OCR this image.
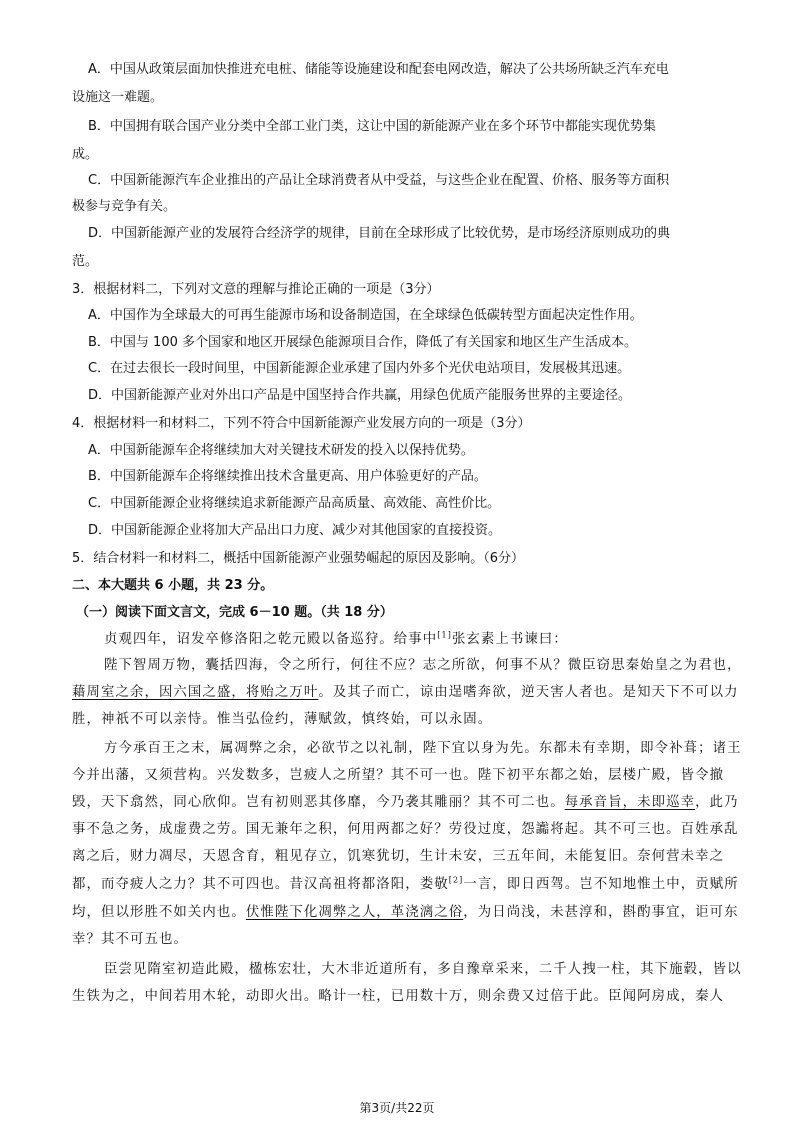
A．中国从政策层面加快推进充电桩、储能等设施建设和配套电网改造，解决了公共场所缺乏汽车充电
设施这一难题。
B．中国拥有联合国产业分类中全部工业门类，这让中国的新能源产业在多个环节中都能实现优势集
成。
C．中国新能源汽车企业推出的产品让全球消费者从中受益，与这些企业在配置、价格、服务等方面积
极参与竞争有关。
D．中国新能源产业的发展符合经济学的规律，目前在全球形成了比较优势，是市场经济原则成功的典
范。
3．根据材料二，下列对文意的理解与推论正确的一项是（3分）
A．中国作为全球最大的可再生能源市场和设备制造国，在全球绿色低碳转型方面起决定性作用。
B．中国与 100 多个国家和地区开展绿色能源项目合作，降低了有关国家和地区生产生活成本。
C．在过去很长一段时间里，中国新能源企业承建了国内外多个光伏电站项目，发展极其迅速。
D．中国新能源产业对外出口产品是中国坚持合作共赢，用绿色优质产能服务世界的主要途径。
4．根据材料一和材料二，下列不符合中国新能源产业发展方向的一项是（3分）
A．中国新能源车企将继续加大对关键技术研发的投入以保持优势。
B．中国新能源车企将继续推出技术含量更高、用户体验更好的产品。
C．中国新能源企业将继续追求新能源产品高质量、高效能、高性价比。
D．中国新能源企业将加大产品出口力度、减少对其他国家的直接投资。
5．结合材料一和材料二，概括中国新能源产业强势崛起的原因及影响。（6分）
二、本大题共 6 小题，共 23 分。
（一）阅读下面文言文，完成 6－10 题。（共 18 分）
贞观四年，诏发卒修洛阳之乾元殿以备巡狩。给事中[1]张玄素上书谏曰：
陛下智周万物，囊括四海，令之所行，何往不应？志之所欲，何事不从？微臣窃思秦始皇之为君也，
藉周室之余，因六国之盛，将贻之万叶。及其子而亡，谅由逞嗜奔欲，逆天害人者也。是知天下不可以力
胜，神祇不可以亲恃。惟当弘俭约，薄赋敛，慎终始，可以永固。
方今承百王之末，属凋弊之余，必欲节之以礼制，陛下宜以身为先。东都未有幸期，即令补葺；诸王
今并出藩，又须营构。兴发数多，岂疲人之所望？其不可一也。陛下初平东都之始，层楼广殿，皆令撤
毁，天下翕然，同心欣仰。岂有初则恶其侈靡，今乃袭其雕丽？其不可二也。每承音旨，未即巡幸，此乃
事不急之务，成虚费之劳。国无兼年之积，何用两都之好？劳役过度，怨讟将起。其不可三也。百姓承乱
离之后，财力凋尽，天恩含育，粗见存立，饥寒犹切，生计未安，三五年间，未能复旧。奈何营未幸之
都，而夺疲人之力？其不可四也。昔汉高祖将都洛阳，娄敬[2]一言，即日西驾。岂不知地惟土中，贡赋所
均，但以形胜不如关内也。伏惟陛下化凋弊之人，革浇漓之俗，为日尚浅，未甚淳和，斟酌事宜，讵可东
幸？其不可五也。
臣尝见隋室初造此殿，楹栋宏壮，大木非近道所有，多自豫章采来，二千人拽一柱，其下施毂，皆以
生铁为之，中间若用木轮，动即火出。略计一柱，已用数十万，则余费又过倍于此。臣闻阿房成，秦人
第3页/共22页
